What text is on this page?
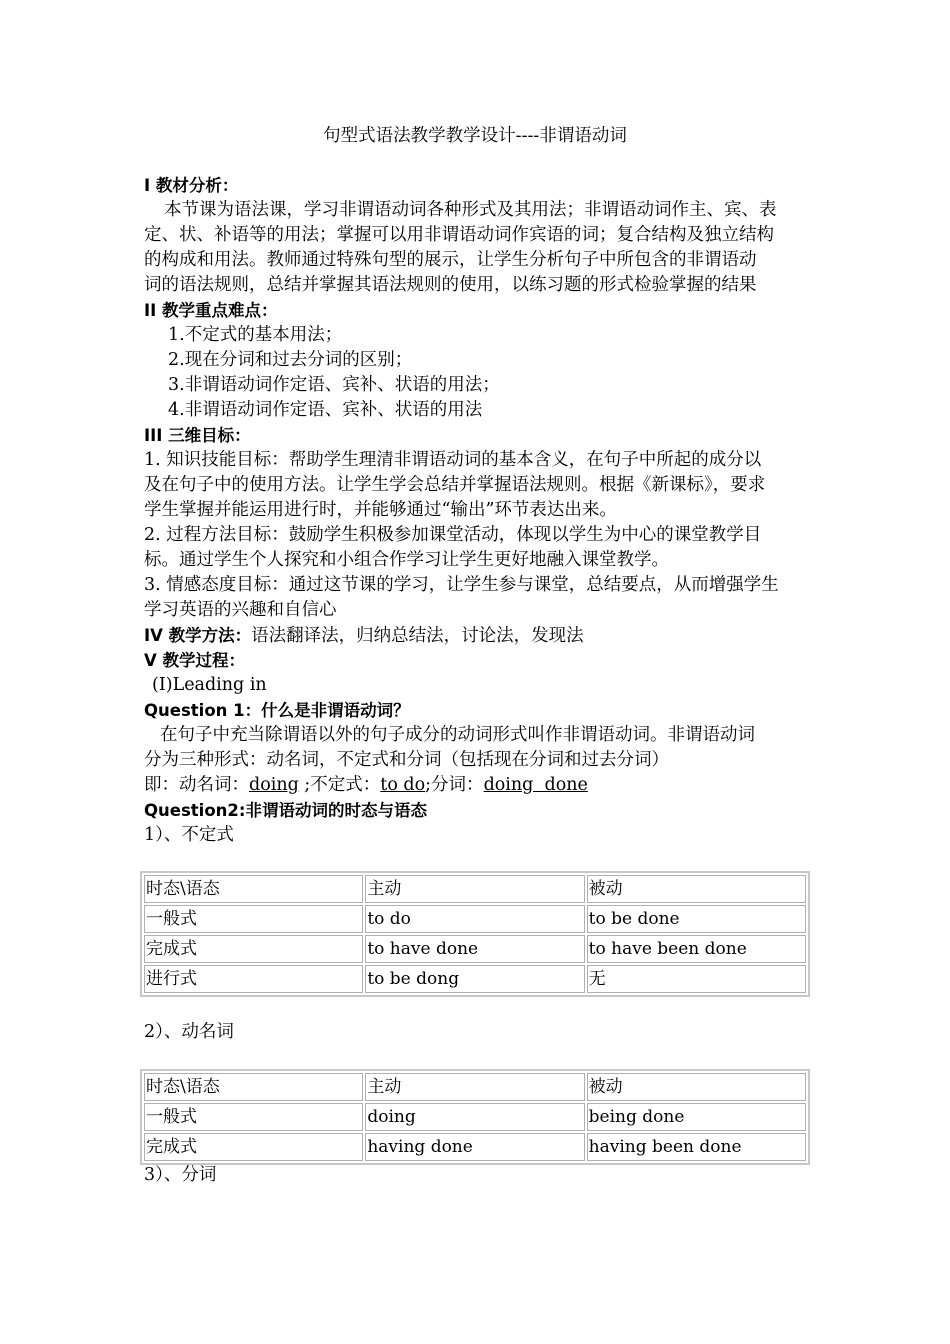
句型式语法教学教学设计----非谓语动词
I 教材分析：
本节课为语法课，学习非谓语动词各种形式及其用法；非谓语动词作主、宾、表
定、状、补语等的用法；掌握可以用非谓语动词作宾语的词；复合结构及独立结构
的构成和用法。教师通过特殊句型的展示，让学生分析句子中所包含的非谓语动
词的语法规则，总结并掌握其语法规则的使用，以练习题的形式检验掌握的结果
II 教学重点难点：
1.不定式的基本用法；
2.现在分词和过去分词的区别；
3.非谓语动词作定语、宾补、状语的用法；
4.非谓语动词作定语、宾补、状语的用法
III 三维目标：
1. 知识技能目标：帮助学生理清非谓语动词的基本含义，在句子中所起的成分以
及在句子中的使用方法。让学生学会总结并掌握语法规则。根据《新课标》，要求
学生掌握并能运用进行时，并能够通过“输出”环节表达出来。
2. 过程方法目标：鼓励学生积极参加课堂活动，体现以学生为中心的课堂教学目
标。通过学生个人探究和小组合作学习让学生更好地融入课堂教学。
3. 情感态度目标：通过这节课的学习，让学生参与课堂，总结要点，从而增强学生
学习英语的兴趣和自信心
IV 教学方法：语法翻译法，归纳总结法，讨论法，发现法
V 教学过程：
(I)Leading in
Question 1：什么是非谓语动词？
在句子中充当除谓语以外的句子成分的动词形式叫作非谓语动词。非谓语动词
分为三种形式：动名词，不定式和分词（包括现在分词和过去分词）
即：动名词：doing ;不定式：to do;分词：doing  done
Question2:非谓语动词的时态与语态
1）、不定式
时态\语态	主动	被动
一般式	to do	to be done
完成式	to have done	to have been done
进行式	to be dong	无
2）、动名词
时态\语态	主动	被动
一般式	doing	being done
完成式	having done	having been done
3）、分词
